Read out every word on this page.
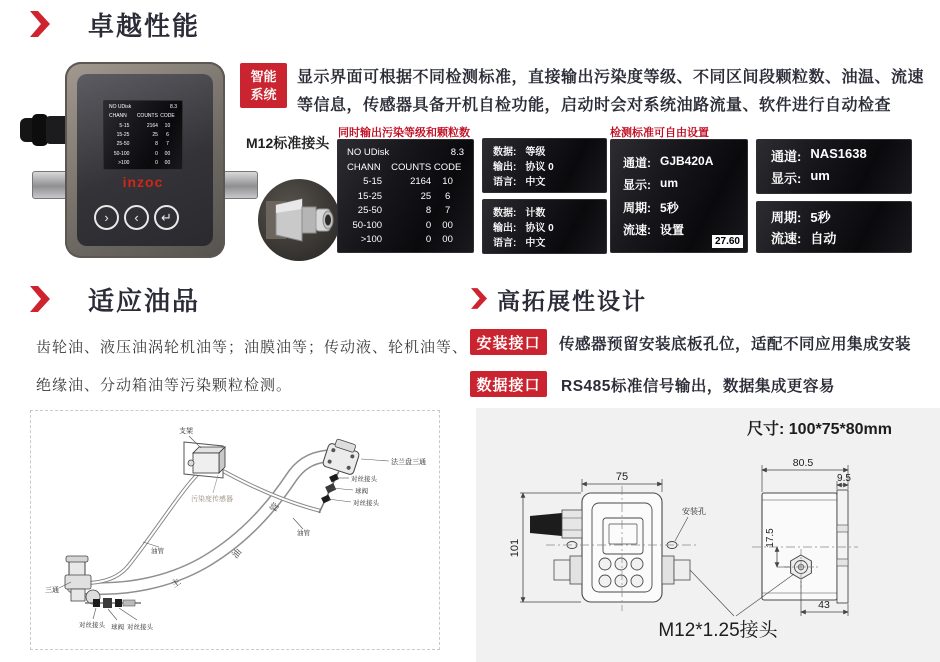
卓越性能
NO UDisk	8.3
CHANN	COUNTS CODE
5-15	2164	10
15-25	25	6
25-50	8	7
50-100	0	00
>100	0	00
inzoc
› ‹ ↵
智能
系统
显示界面可根据不同检测标准，直接输出污染度等级、不同区间段颗粒数、油温、流速
等信息，传感器具备开机自检功能，启动时会对系统油路流量、软件进行自动检查
M12标准接头
同时输出污染等级和颗粒数	检测标准可自由设置
NO UDisk	8.3
CHANN	COUNTS CODE
5-15	2164	10
15-25	25	6
25-50	8	7
50-100	0	00
>100	0	00
数据: 等级
输出: 协议 0
语言: 中文
数据: 计数
输出: 协议 0
语言: 中文
通道: GJB420A
显示: um
周期: 5秒
流速: 设置
27.60
通道: NAS1638
显示: um
周期: 5秒
流速: 自动
适应油品
齿轮油、液压油涡轮机油等；油膜油等；传动液、轮机油等、
绝缘油、分动箱油等污染颗粒检测。
高拓展性设计
安装接口	传感器预留安装底板孔位，适配不同应用集成安装
数据接口	RS485标准信号输出，数据集成更容易
支架
污染度传感器
法兰盘三通
对丝接头
球阀
对丝接头
油管
油管
三通
对丝接头 球阀 对丝接头
主
油
管
尺寸: 100*75*80mm
75
101
安装孔
80.5
9.5
17.5
43
M12*1.25接头
